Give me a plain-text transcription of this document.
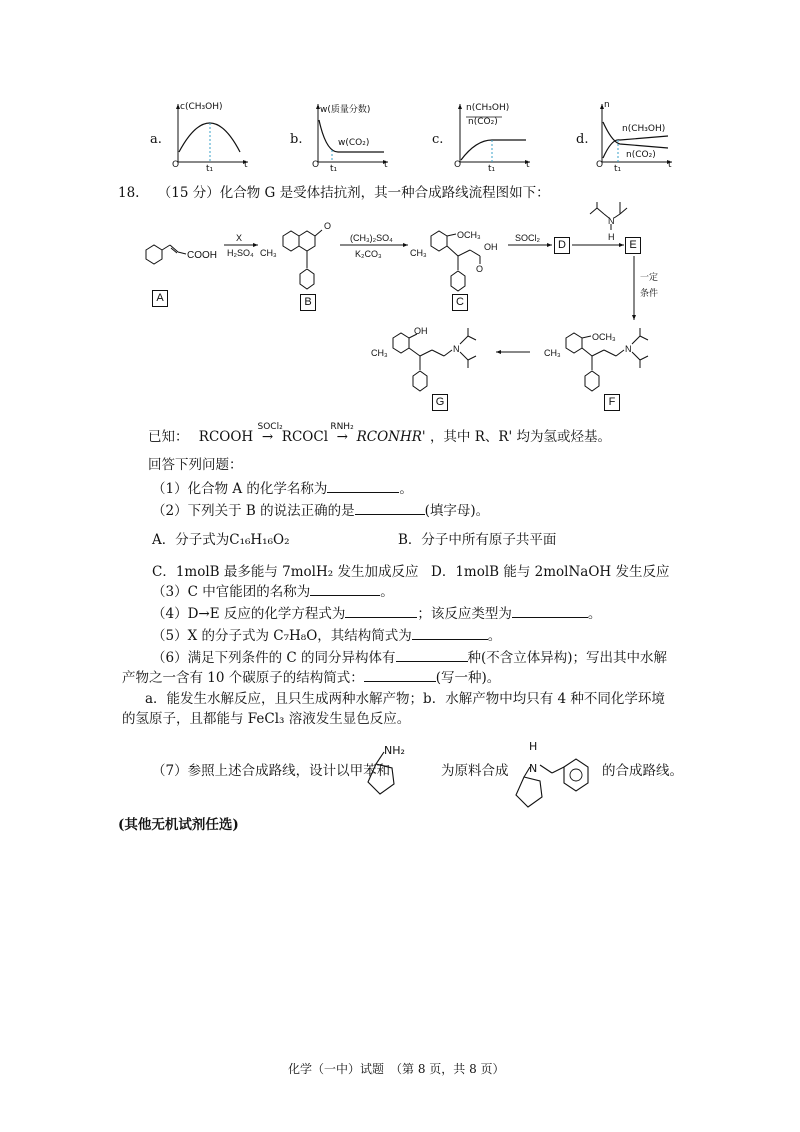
a.
c(CH₃OH)
O	t₁	t
b.
w(质量分数)
w(CO₂)
O t₁	t
c.
n(CH₃OH)
n(CO₂)
O	t₁	t
d.
n
n(CH₃OH)
n(CO₂)
O t₁	t
18. （15 分）化合物 G 是受体拮抗剂，其一种合成路线流程图如下：
COOH
X
H₂SO₄ CH₃
O
(CH₃)₂SO₄
K₂CO₃	CH₃
OCH₃
OH
O
SOCl₂
N
H
一定
条件
CH₃
OCH₃
N
CH₃
OH
N
A	B	C
D	E
F
G
已知： RCOOH
SOCl₂
→ RCOCl
RNH₂
→ RCONHR' ，其中 R、R' 均为氢或烃基。
回答下列问题：
（1）化合物 A 的化学名称为	。
（2）下列关于 B 的说法正确的是	(填字母)。
A．分子式为C₁₆H₁₆O₂	B．分子中所有原子共平面
C．1molB 最多能与 7molH₂ 发生加成反应 D．1molB 能与 2molNaOH 发生反应
（3）C 中官能团的名称为	。
（4）D→E 反应的化学方程式为	；该反应类型为	。
（5）X 的分子式为 C₇H₈O，其结构简式为	。
（6）满足下列条件的 C 的同分异构体有	种(不含立体异构)；写出其中水解
产物之一含有 10 个碳原子的结构简式：	(写一种)。
a．能发生水解反应，且只生成两种水解产物；b．水解产物中均只有 4 种不同化学环境
的氢原子，且都能与 FeCl₃ 溶液发生显色反应。
（7）参照上述合成路线，设计以甲苯和
NH₂
为原料合成
H
N	的合成路线。
(其他无机试剂任选)
化学（一中）试题　（第 8 页，共 8 页）
